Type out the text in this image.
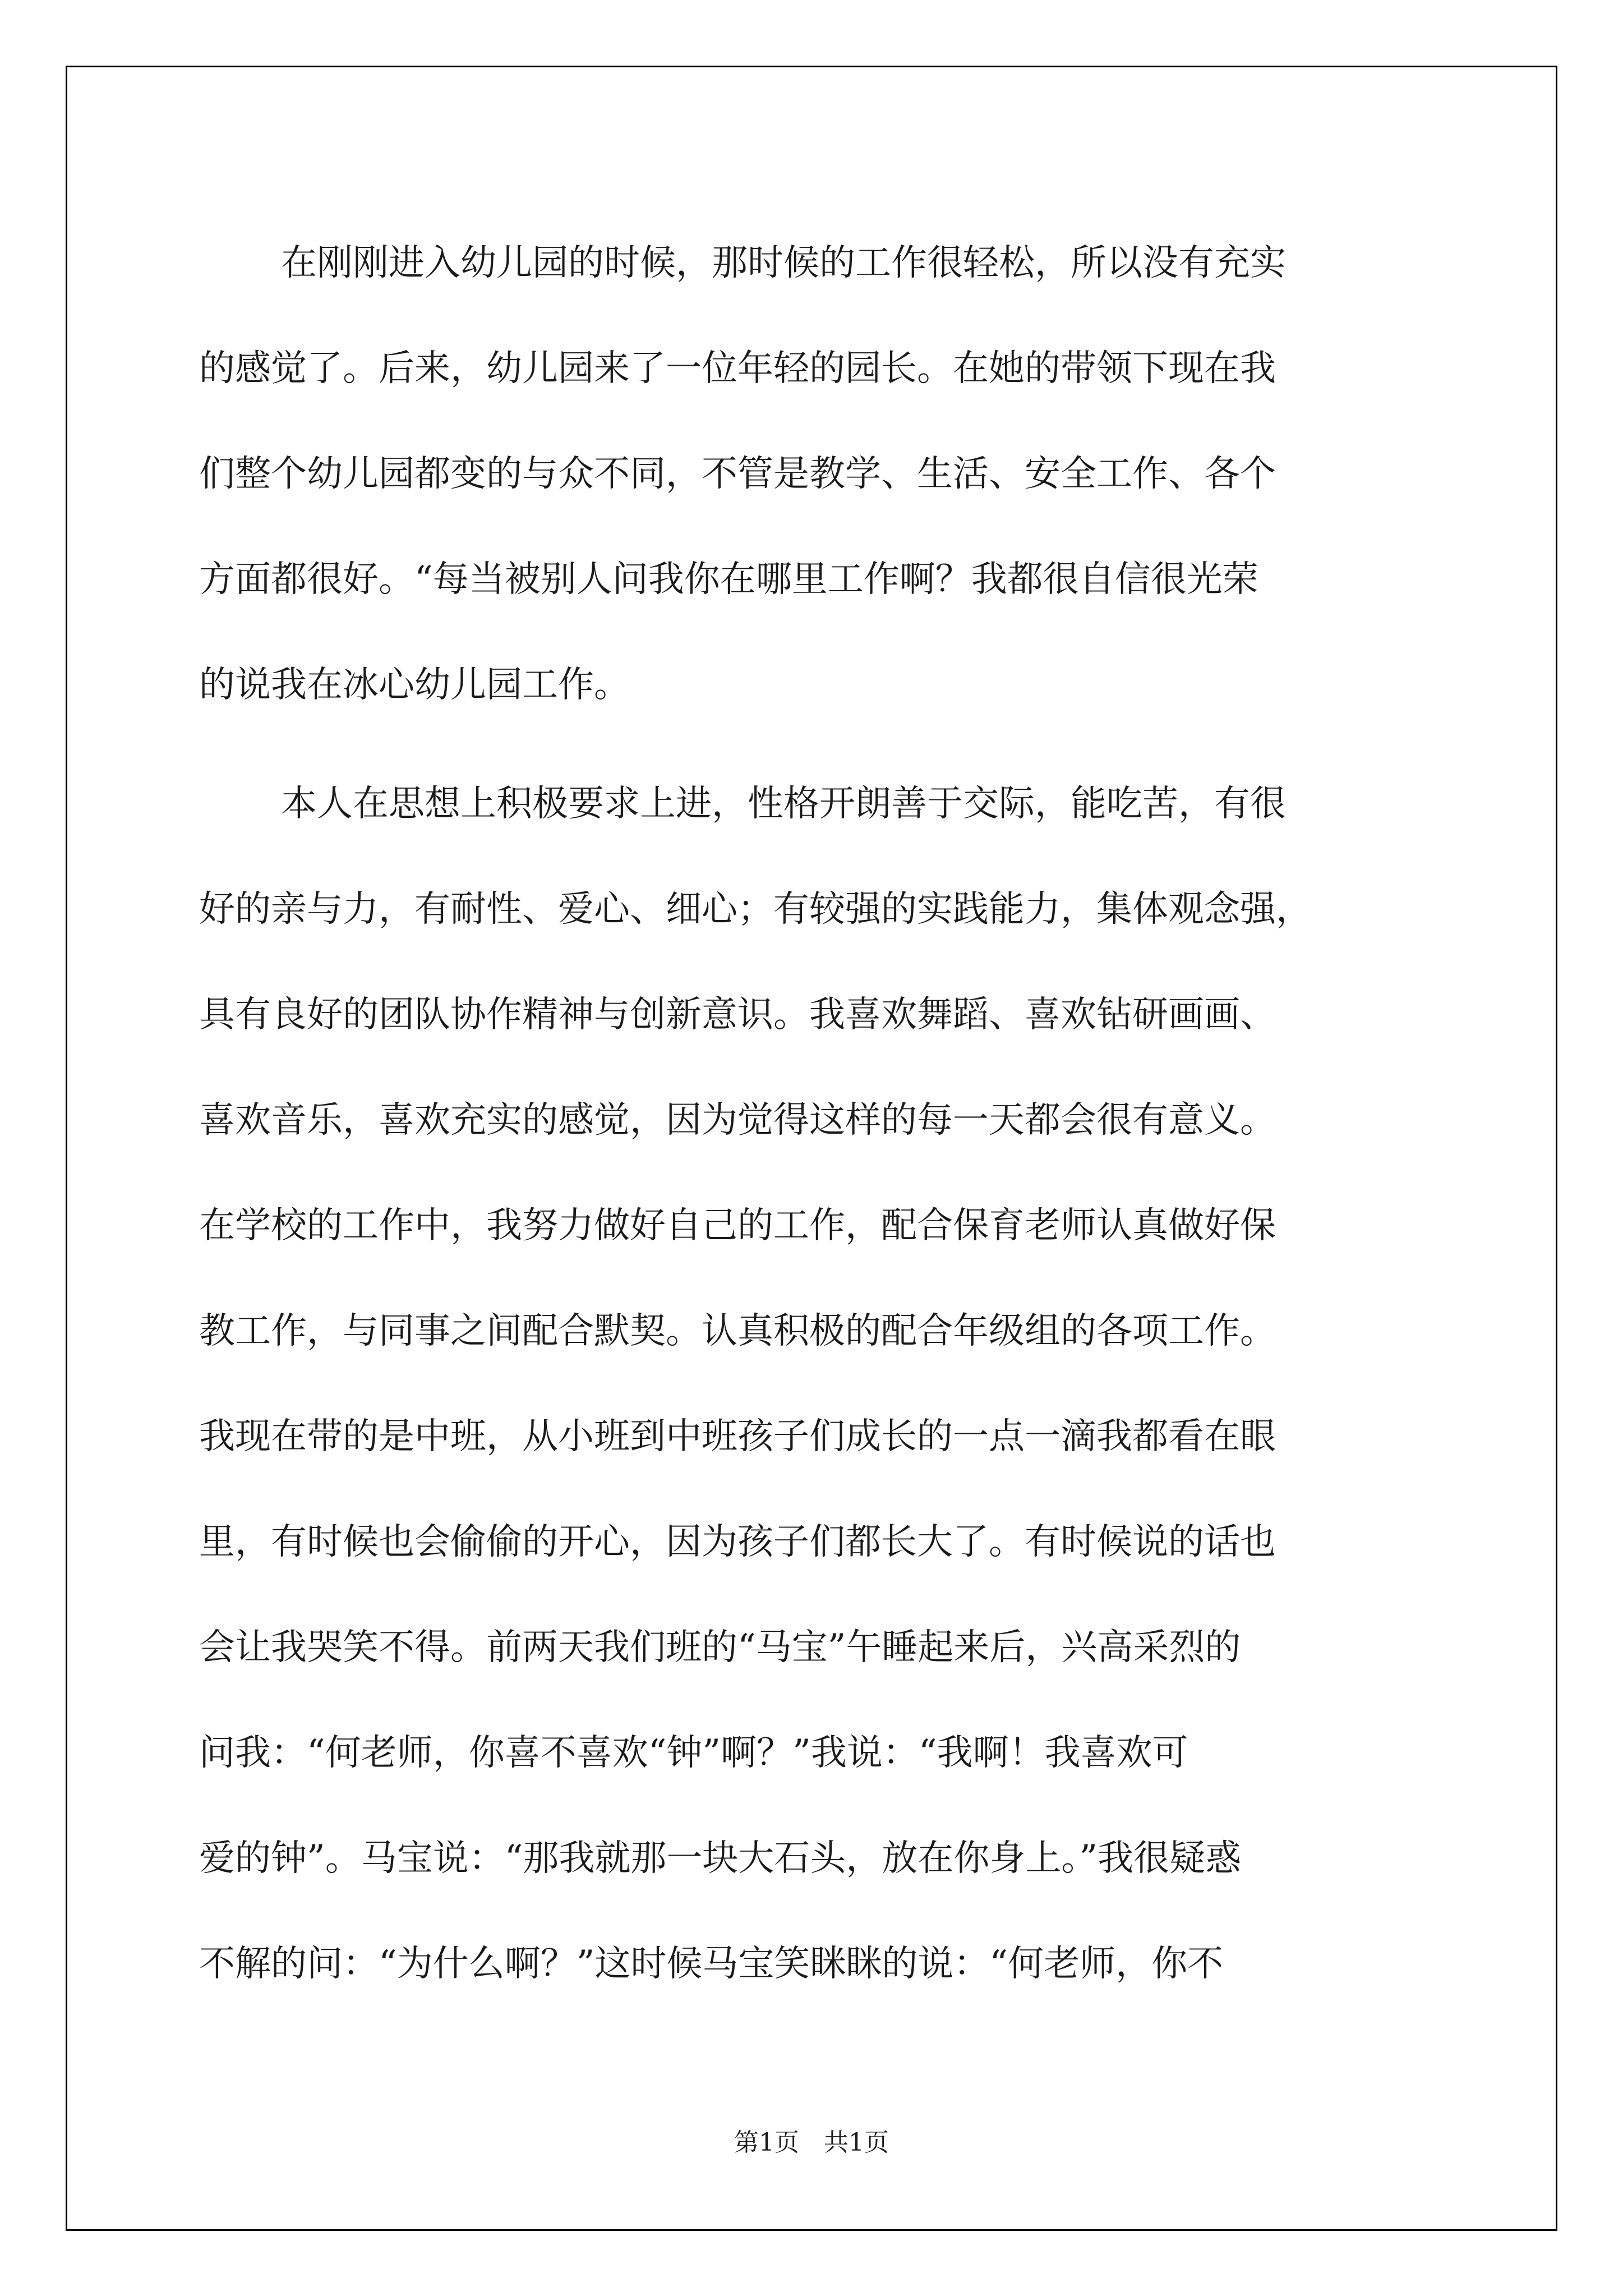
在刚刚进入幼儿园的时候，那时候的工作很轻松，所以没有充实
的感觉了。后来，幼儿园来了一位年轻的园长。在她的带领下现在我
们整个幼儿园都变的与众不同，不管是教学、生活、安全工作、各个
方面都很好。“每当被别人问我你在哪里工作啊？我都很自信很光荣
的说我在冰心幼儿园工作。
本人在思想上积极要求上进，性格开朗善于交际，能吃苦，有很
好的亲与力，有耐性、爱心、细心；有较强的实践能力，集体观念强，
具有良好的团队协作精神与创新意识。我喜欢舞蹈、喜欢钻研画画、
喜欢音乐，喜欢充实的感觉，因为觉得这样的每一天都会很有意义。
在学校的工作中，我努力做好自己的工作，配合保育老师认真做好保
教工作，与同事之间配合默契。认真积极的配合年级组的各项工作。
我现在带的是中班，从小班到中班孩子们成长的一点一滴我都看在眼
里，有时候也会偷偷的开心，因为孩子们都长大了。有时候说的话也
会让我哭笑不得。前两天我们班的“马宝”午睡起来后，兴高采烈的
问我：“何老师，你喜不喜欢“钟”啊？”我说：“我啊！我喜欢可
爱的钟”。马宝说：“那我就那一块大石头，放在你身上。”我很疑惑
不解的问：“为什么啊？”这时候马宝笑眯眯的说：“何老师，你不
第1页　共1页
